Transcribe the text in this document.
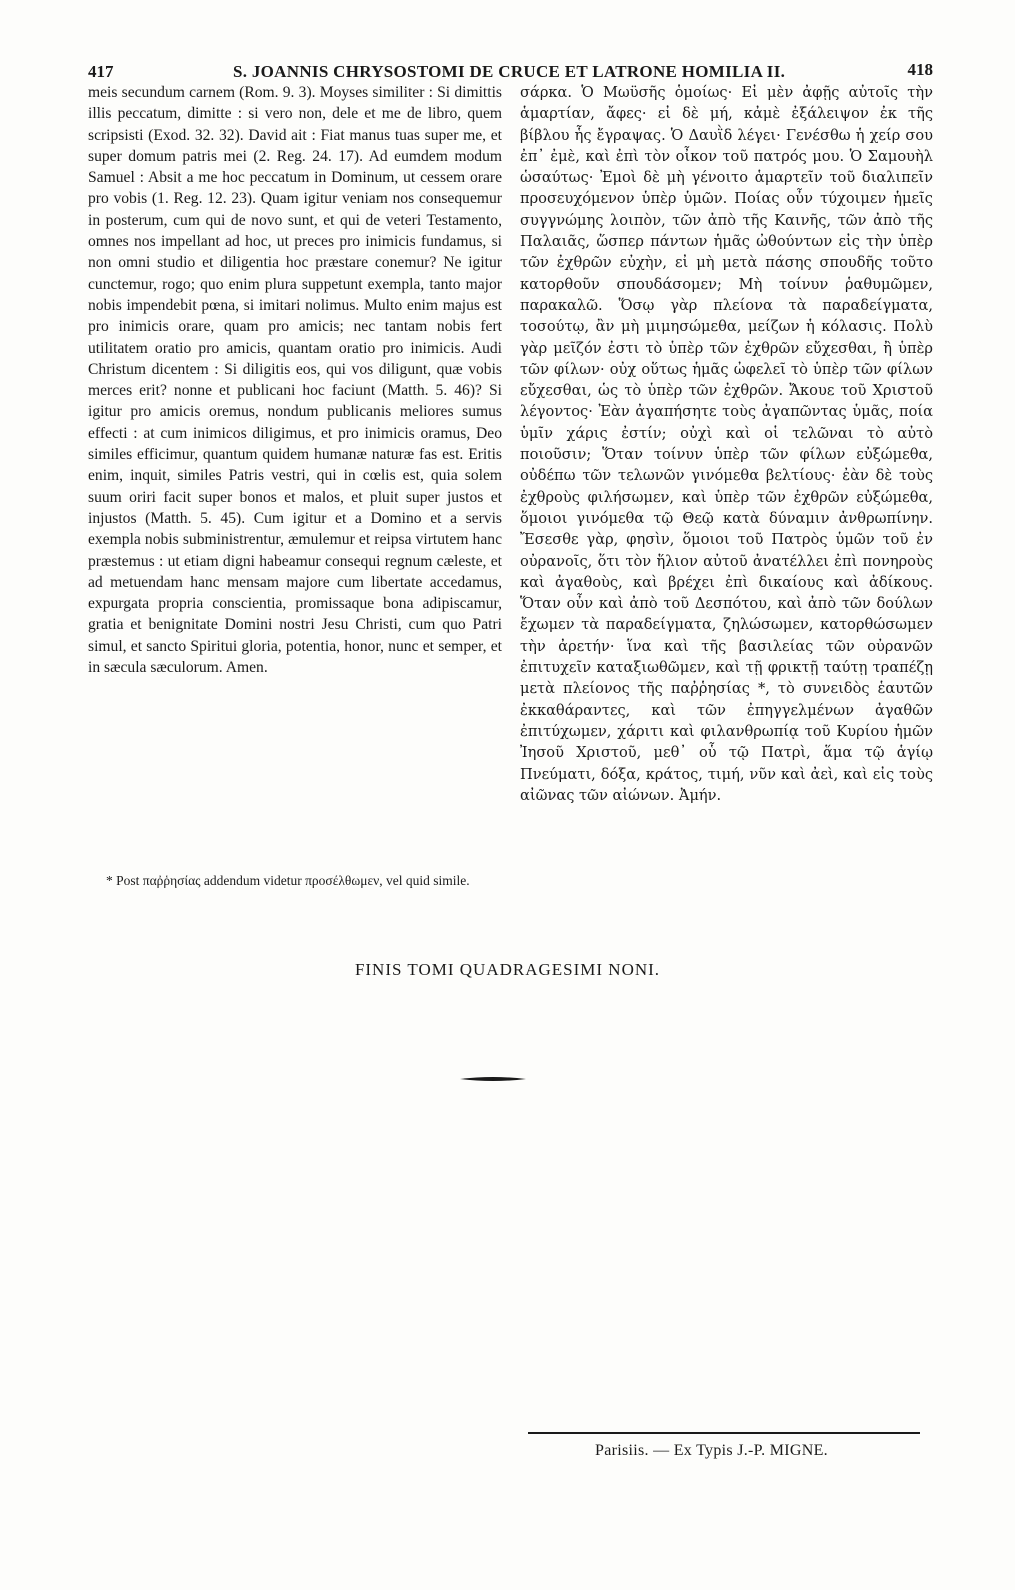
417	S. JOANNIS CHRYSOSTOMI DE CRUCE ET LATRONE HOMILIA II.	418

meis secundum carnem (Rom. 9. 3). Moyses similiter : Si dimittis illis peccatum, dimitte : si vero non, dele et me de libro, quem scripsisti (Exod. 32. 32). David ait : Fiat manus tuas super me, et super domum patris mei (2. Reg. 24. 17). Ad eumdem modum Samuel : Absit a me hoc peccatum in Dominum, ut cessem orare pro vobis (1. Reg. 12. 23). Quam igitur veniam nos consequemur in posterum, cum qui de novo sunt, et qui de veteri Testamento, omnes nos impellant ad hoc, ut preces pro inimicis fundamus, si non omni studio et diligentia hoc præstare conemur? Ne igitur cunctemur, rogo; quo enim plura suppetunt exempla, tanto major nobis impendebit pœna, si imitari nolimus. Multo enim majus est pro inimicis orare, quam pro amicis; nec tantam nobis fert utilitatem oratio pro amicis, quantam oratio pro inimicis. Audi Christum dicentem : Si diligitis eos, qui vos diligunt, quæ vobis merces erit? nonne et publicani hoc faciunt (Matth. 5. 46)? Si igitur pro amicis oremus, nondum publicanis meliores sumus effecti : at cum inimicos diligimus, et pro inimicis oramus, Deo similes efficimur, quantum quidem humanæ naturæ fas est. Eritis enim, inquit, similes Patris vestri, qui in cœlis est, quia solem suum oriri facit super bonos et malos, et pluit super justos et injustos (Matth. 5. 45). Cum igitur et a Domino et a servis exempla nobis subministrentur, æmulemur et reipsa virtutem hanc præstemus : ut etiam digni habeamur consequi regnum cæleste, et ad metuendam hanc mensam majore cum libertate accedamus, expurgata propria conscientia, promissaque bona adipiscamur, gratia et benignitate Domini nostri Jesu Christi, cum quo Patri simul, et sancto Spiritui gloria, potentia, honor, nunc et semper, et in sæcula sæculorum. Amen.

σάρκα. Ὁ Μωϋσῆς ὁμοίως· Εἰ μὲν ἀφῇς αὐτοῖς τὴν ἁμαρτίαν, ἄφες· εἰ δὲ μή, κἀμὲ ἐξάλειψον ἐκ τῆς βίβλου ἧς ἔγραψας. Ὁ Δαυῒδ λέγει· Γενέσθω ἡ χείρ σου ἐπ᾽ ἐμὲ, καὶ ἐπὶ τὸν οἶκον τοῦ πατρός μου. Ὁ Σαμουὴλ ὡσαύτως· Ἐμοὶ δὲ μὴ γένοιτο ἁμαρτεῖν τοῦ διαλιπεῖν προσευχόμενον ὑπὲρ ὑμῶν. Ποίας οὖν τύχοιμεν ἡμεῖς συγγνώμης λοιπὸν, τῶν ἀπὸ τῆς Καινῆς, τῶν ἀπὸ τῆς Παλαιᾶς, ὥσπερ πάντων ἡμᾶς ὠθούντων εἰς τὴν ὑπὲρ τῶν ἐχθρῶν εὐχὴν, εἰ μὴ μετὰ πάσης σπουδῆς τοῦτο κατορθοῦν σπουδάσομεν; Μὴ τοίνυν ῥαθυμῶμεν, παρακαλῶ. Ὅσῳ γὰρ πλείονα τὰ παραδείγματα, τοσούτῳ, ἂν μὴ μιμησώμεθα, μείζων ἡ κόλασις. Πολὺ γὰρ μεῖζόν ἐστι τὸ ὑπὲρ τῶν ἐχθρῶν εὔχεσθαι, ἢ ὑπὲρ τῶν φίλων· οὐχ οὕτως ἡμᾶς ὠφελεῖ τὸ ὑπὲρ τῶν φίλων εὔχεσθαι, ὡς τὸ ὑπὲρ τῶν ἐχθρῶν. Ἄκουε τοῦ Χριστοῦ λέγοντος· Ἐὰν ἀγαπήσητε τοὺς ἀγαπῶντας ὑμᾶς, ποία ὑμῖν χάρις ἐστίν; οὐχὶ καὶ οἱ τελῶναι τὸ αὐτὸ ποιοῦσιν; Ὅταν τοίνυν ὑπὲρ τῶν φίλων εὐξώμεθα, οὐδέπω τῶν τελωνῶν γινόμεθα βελτίους· ἐὰν δὲ τοὺς ἐχθροὺς φιλήσωμεν, καὶ ὑπὲρ τῶν ἐχθρῶν εὐξώμεθα, ὅμοιοι γινόμεθα τῷ Θεῷ κατὰ δύναμιν ἀνθρωπίνην. Ἔσεσθε γὰρ, φησὶν, ὅμοιοι τοῦ Πατρὸς ὑμῶν τοῦ ἐν οὐρανοῖς, ὅτι τὸν ἥλιον αὐτοῦ ἀνατέλλει ἐπὶ πονηροὺς καὶ ἀγαθοὺς, καὶ βρέχει ἐπὶ δικαίους καὶ ἀδίκους. Ὅταν οὖν καὶ ἀπὸ τοῦ Δεσπότου, καὶ ἀπὸ τῶν δούλων ἔχωμεν τὰ παραδείγματα, ζηλώσωμεν, κατορθώσωμεν τὴν ἀρετήν· ἵνα καὶ τῆς βασιλείας τῶν οὐρανῶν ἐπιτυχεῖν καταξιωθῶμεν, καὶ τῇ φρικτῇ ταύτῃ τραπέζῃ μετὰ πλείονος τῆς παῤῥησίας *, τὸ συνειδὸς ἑαυτῶν ἐκκαθάραντες, καὶ τῶν ἐπηγγελμένων ἀγαθῶν ἐπιτύχωμεν, χάριτι καὶ φιλανθρωπίᾳ τοῦ Κυρίου ἡμῶν Ἰησοῦ Χριστοῦ, μεθ᾽ οὗ τῷ Πατρὶ, ἅμα τῷ ἁγίῳ Πνεύματι, δόξα, κράτος, τιμή, νῦν καὶ ἀεὶ, καὶ εἰς τοὺς αἰῶνας τῶν αἰώνων. Ἀμήν.

* Post παῤῥησίας addendum videtur προσέλθωμεν, vel quid simile.
FINIS TOMI QUADRAGESIMI NONI.
Parisiis. — Ex Typis J.-P. MIGNE.
